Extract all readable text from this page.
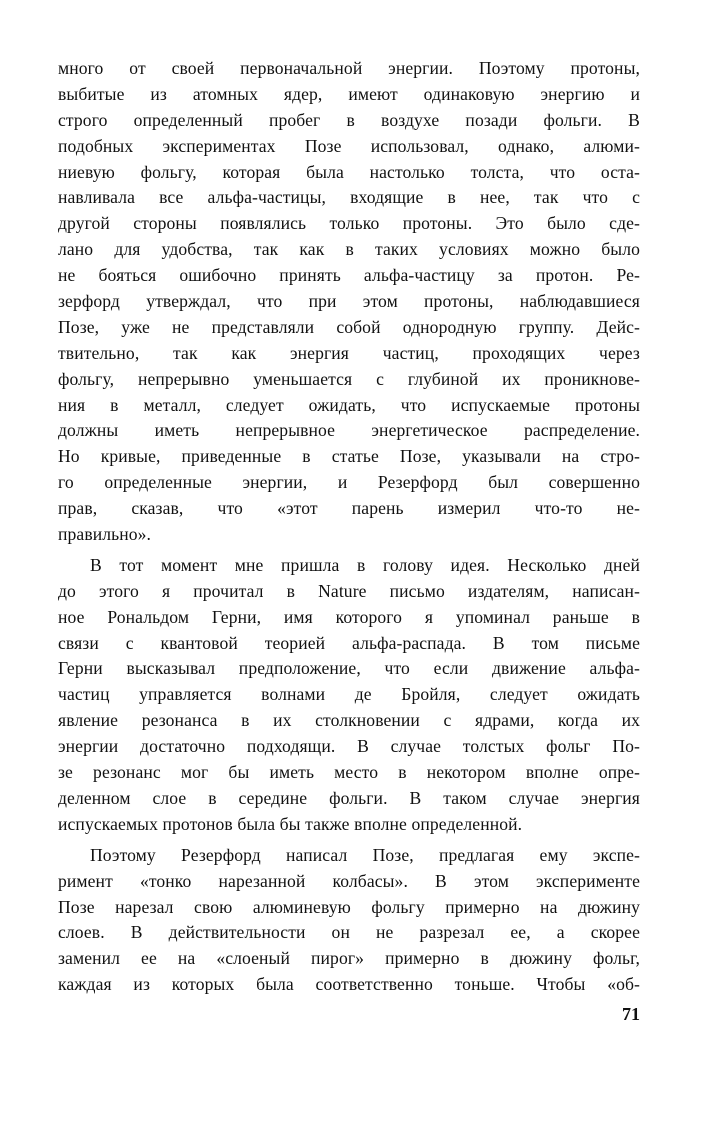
много от своей первоначальной энергии. Поэтому протоны,
выбитые из атомных ядер, имеют одинаковую энергию и
строго определенный пробег в воздухе позади фольги. В
подобных экспериментах Позе использовал, однако, алюми-
ниевую фольгу, которая была настолько толста, что оста-
навливала все альфа-частицы, входящие в нее, так что с
другой стороны появлялись только протоны. Это было сде-
лано для удобства, так как в таких условиях можно было
не бояться ошибочно принять альфа-частицу за протон. Ре-
зерфорд утверждал, что при этом протоны, наблюдавшиеся
Позе, уже не представляли собой однородную группу. Дейс-
твительно, так как энергия частиц, проходящих через
фольгу, непрерывно уменьшается с глубиной их проникнове-
ния в металл, следует ожидать, что испускаемые протоны
должны иметь непрерывное энергетическое распределение.
Но кривые, приведенные в статье Позе, указывали на стро-
го определенные энергии, и Резерфорд был совершенно
прав, сказав, что «этот парень измерил что-то не-
правильно».
В тот момент мне пришла в голову идея. Несколько дней
до этого я прочитал в Nature письмо издателям, написан-
ное Рональдом Герни, имя которого я упоминал раньше в
связи с квантовой теорией альфа-распада. В том письме
Герни высказывал предположение, что если движение альфа-
частиц управляется волнами де Бройля, следует ожидать
явление резонанса в их столкновении с ядрами, когда их
энергии достаточно подходящи. В случае толстых фольг По-
зе резонанс мог бы иметь место в некотором вполне опре-
деленном слое в середине фольги. В таком случае энергия
испускаемых протонов была бы также вполне определенной.
Поэтому Резерфорд написал Позе, предлагая ему экспе-
римент «тонко нарезанной колбасы». В этом эксперименте
Позе нарезал свою алюминевую фольгу примерно на дюжину
слоев. В действительности он не разрезал ее, а скорее
заменил ее на «слоеный пирог» примерно в дюжину фольг,
каждая из которых была соответственно тоньше. Чтобы «об-
71
